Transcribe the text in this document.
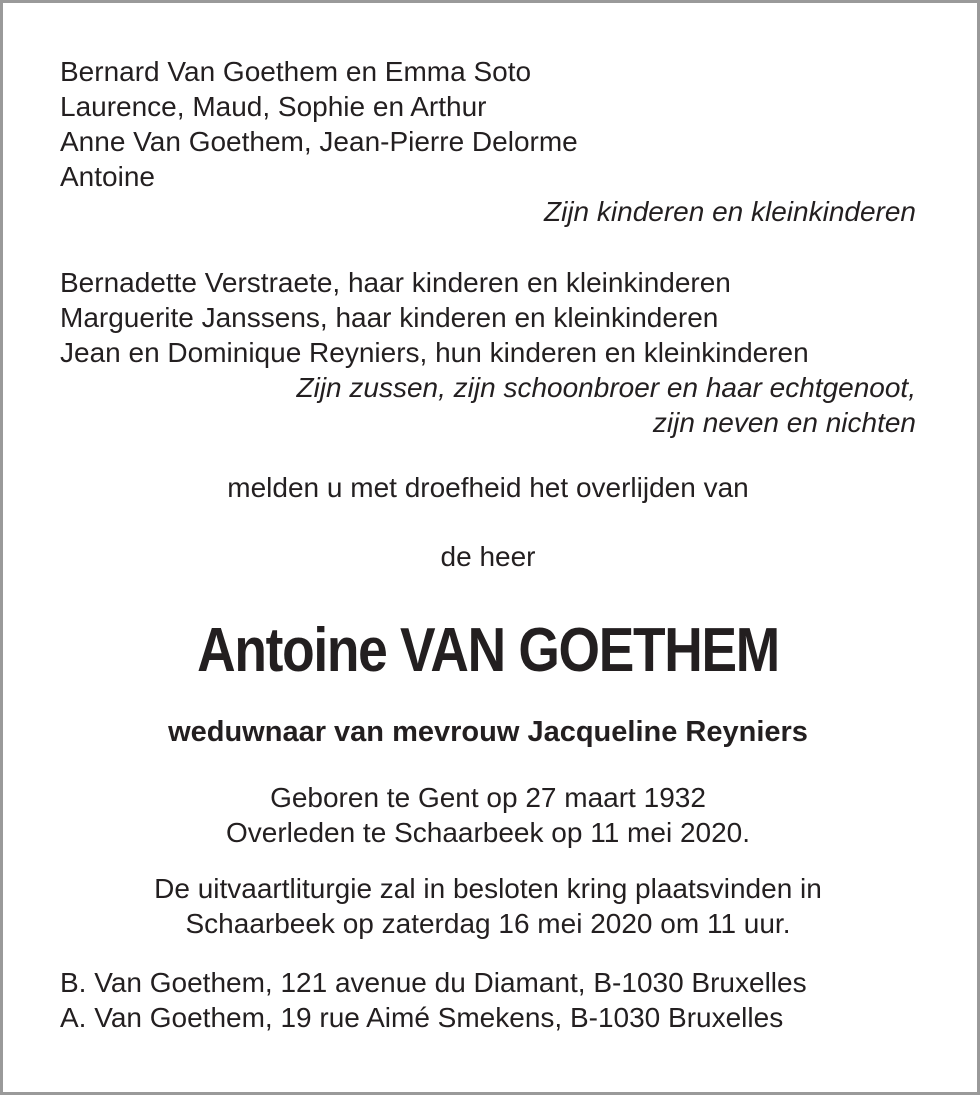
Bernard Van Goethem en Emma Soto

Laurence, Maud, Sophie en Arthur

Anne Van Goethem, Jean-Pierre Delorme

Antoine

Zijn kinderen en kleinkinderen

Bernadette Verstraete, haar kinderen en kleinkinderen

Marguerite Janssens, haar kinderen en kleinkinderen

Jean en Dominique Reyniers, hun kinderen en kleinkinderen

Zijn zussen, zijn schoonbroer en haar echtgenoot,

zijn neven en nichten

melden u met droefheid het overlijden van

de heer

Antoine VAN GOETHEM
weduwnaar van mevrouw Jacqueline Reyniers

Geboren te Gent op 27 maart 1932

Overleden te Schaarbeek op 11 mei 2020.

De uitvaartliturgie zal in besloten kring plaatsvinden in

Schaarbeek op zaterdag 16 mei 2020 om 11 uur.

B. Van Goethem, 121 avenue du Diamant, B-1030 Bruxelles

A. Van Goethem, 19 rue Aimé Smekens, B-1030 Bruxelles
